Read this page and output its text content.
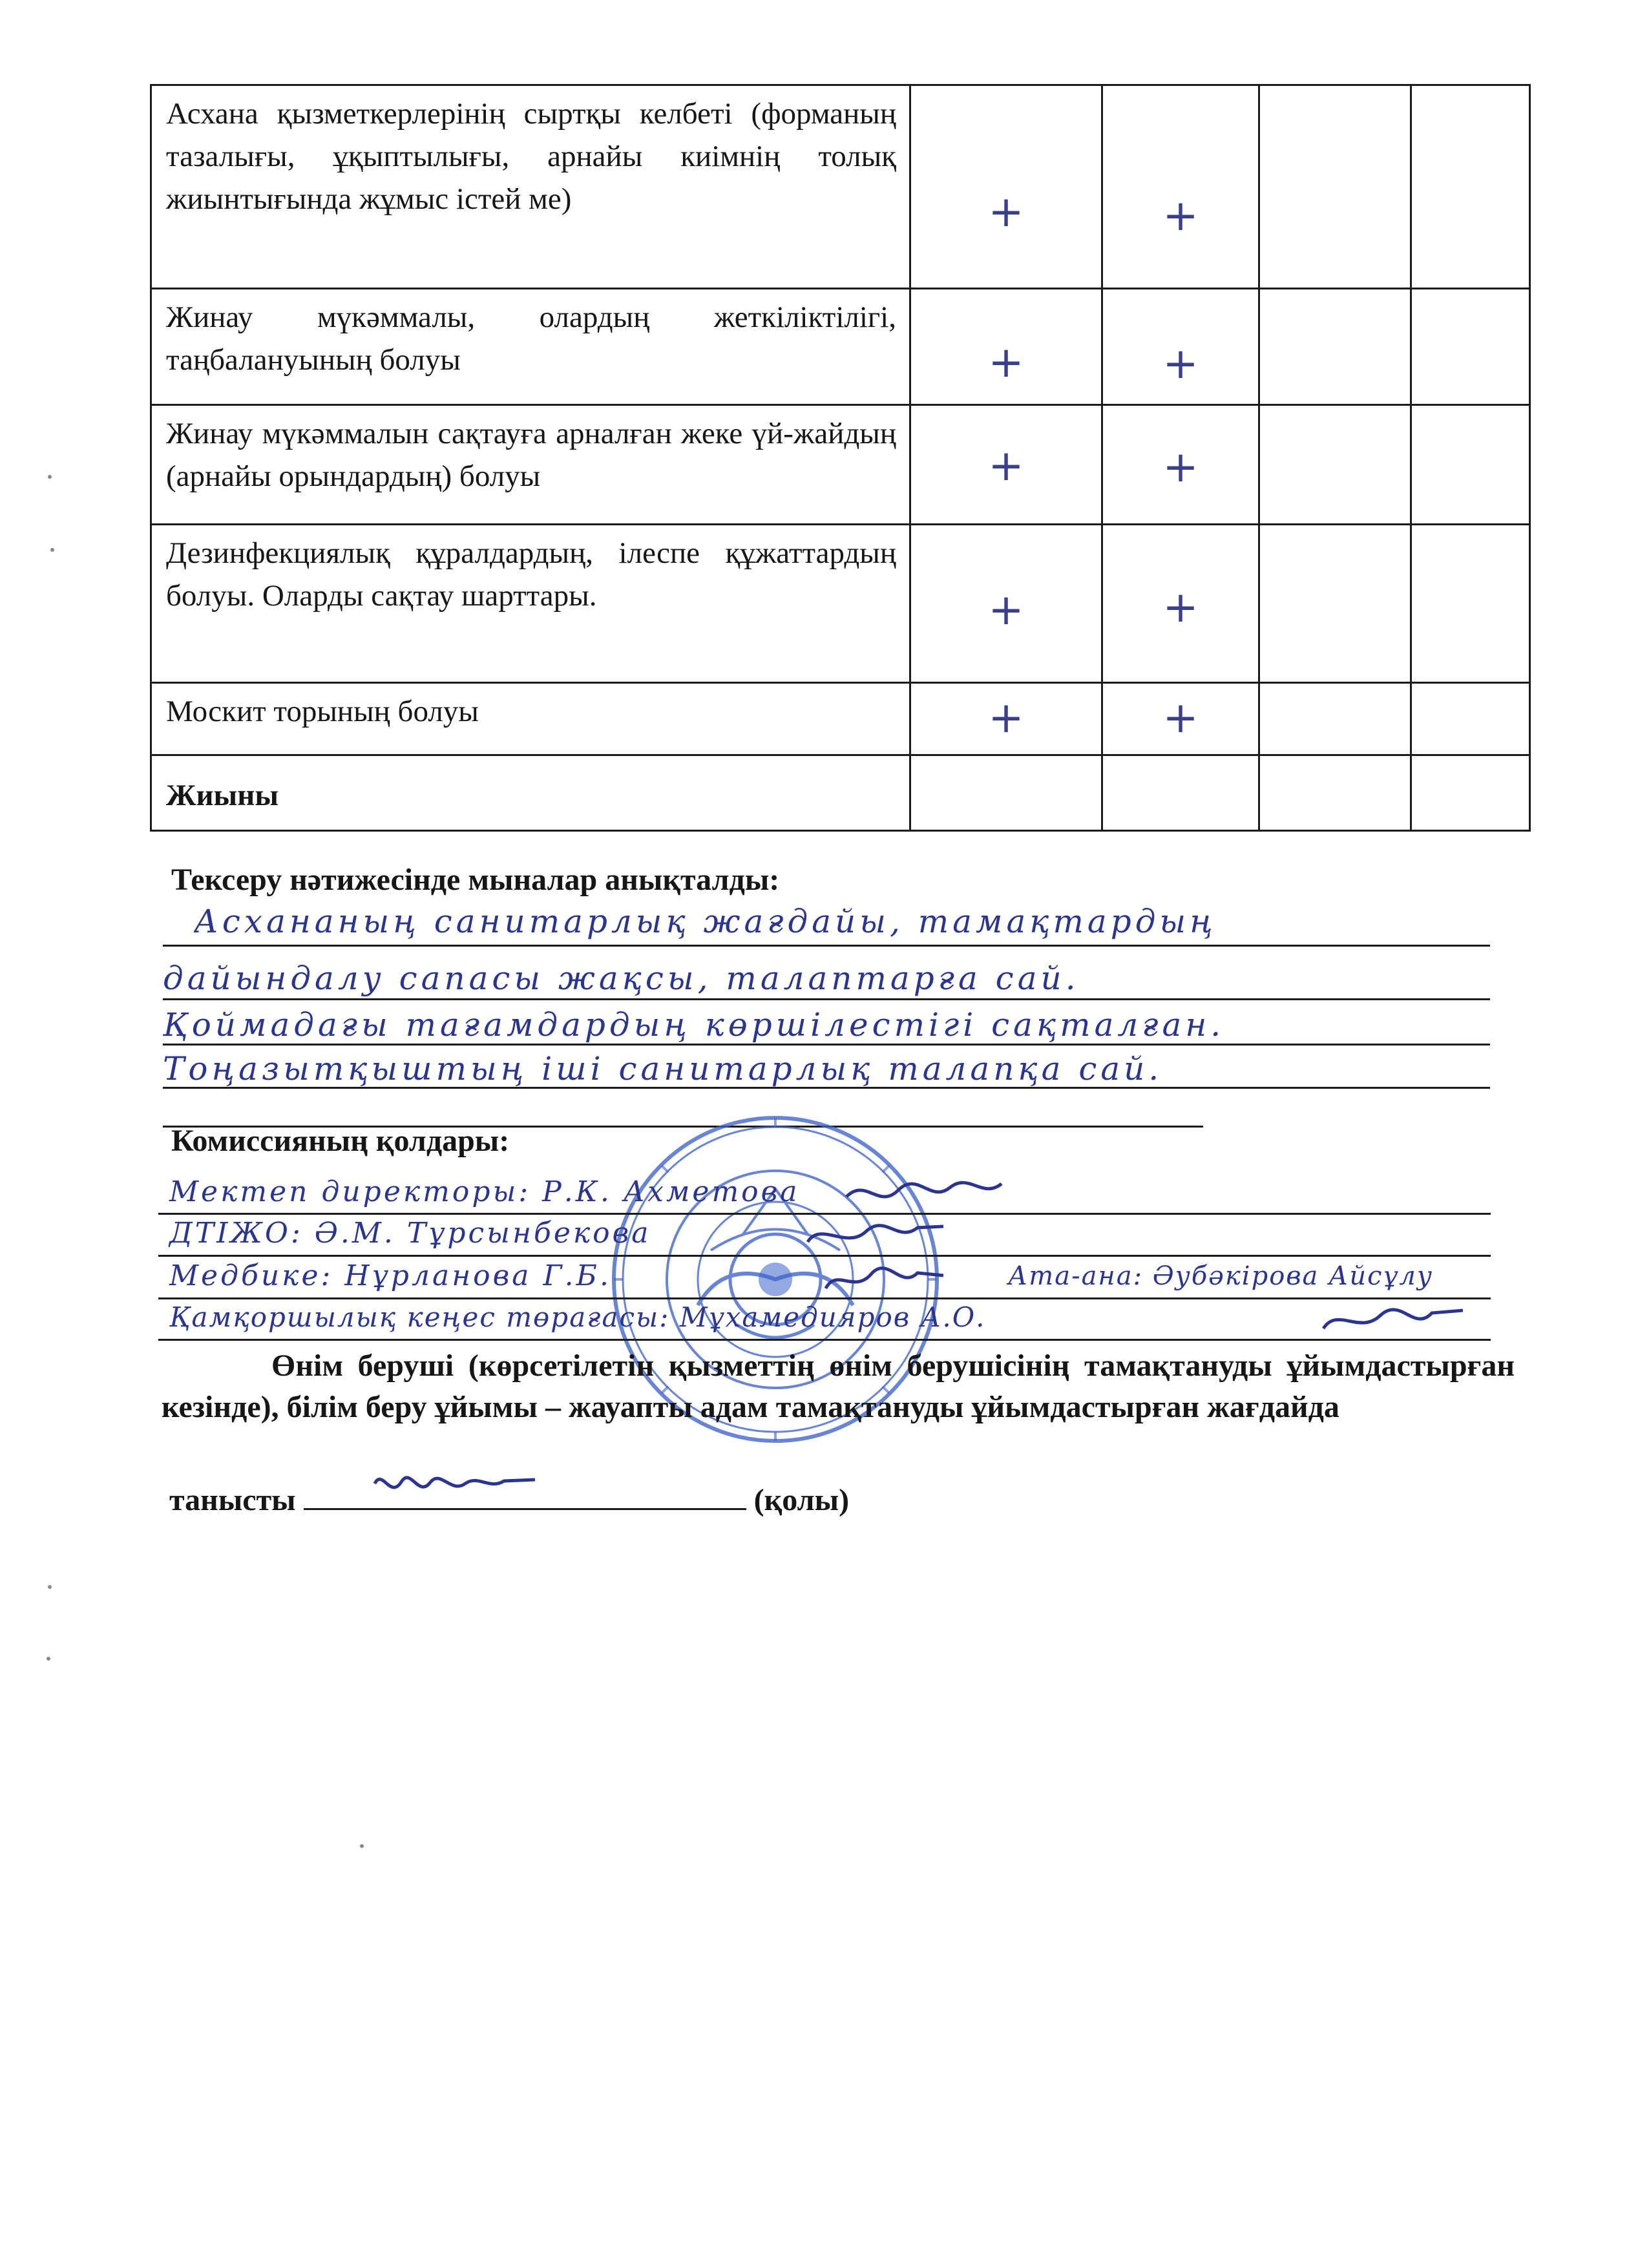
Асхана қызметкерлерінің сыртқы келбеті (форманың тазалығы, ұқыптылығы, арнайы киімнің толық жиынтығында жұмыс істей ме)	+	+		

Жинау мүкәммалы, олардың жеткіліктілігі, таңбалануының болуы	+	+		

Жинау мүкәммалын сақтауға арналған жеке үй-жайдың (арнайы орындардың) болуы	+	+		

Дезинфекциялық құралдардың, ілеспе құжаттардың болуы. Оларды сақтау шарттары.	+	+		

Москит торының болуы	+	+		

Жиыны	

Тексеру нәтижесінде мыналар анықталды:
Асхананың санитарлық жағдайы, тамақтардың
дайындалу сапасы жақсы, талаптарға сай.
Қоймадағы тағамдардың көршілестігі сақталған.
Тоңазытқыштың іші санитарлық талапқа сай.
Комиссияның қолдары:
Мектеп директоры: Р.К. Ахметова
ДТІЖО: Ә.М. Тұрсынбекова
Медбике: Нұрланова Г.Б.	Ата-ана: Әубәкірова Айсұлу
Қамқоршылық кеңес төрағасы: Мұхамедияров А.О.
Өнім беруші (көрсетілетін қызметтің өнім берушісінің тамақтануды ұйымдастырған кезінде), білім беру ұйымы – жауапты адам тамақтануды ұйымдастырған жағдайда
танысты	(қолы)
